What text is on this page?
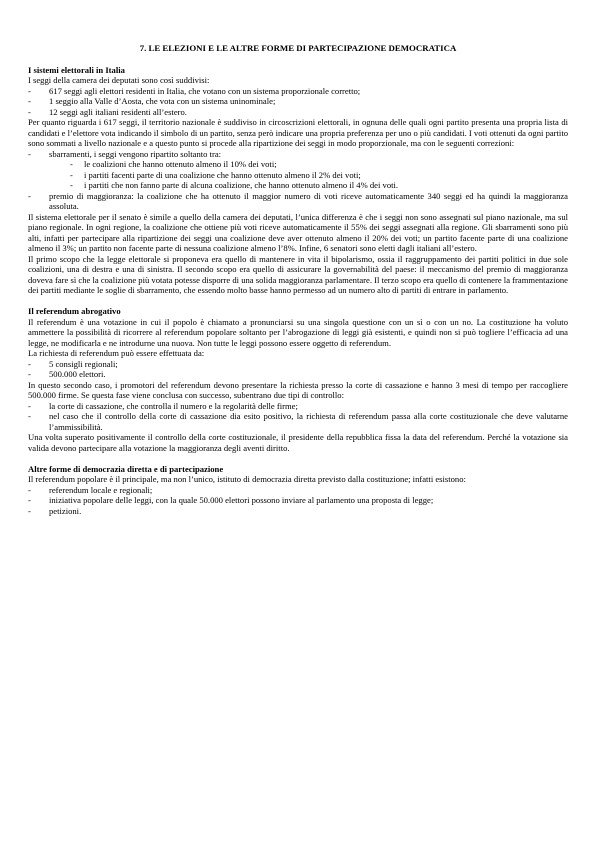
7. LE ELEZIONI E LE ALTRE FORME DI PARTECIPAZIONE DEMOCRATICA
I sistemi elettorali in Italia

I seggi della camera dei deputati sono così suddivisi:

- 617 seggi agli elettori residenti in Italia, che votano con un sistema proporzionale corretto;
- 1 seggio alla Valle d’Aosta, che vota con un sistema uninominale;
- 12 seggi agli italiani residenti all’estero.

Per quanto riguarda i 617 seggi, il territorio nazionale è suddiviso in circoscrizioni elettorali, in ognuna delle quali ogni partito presenta una propria lista di candidati e l’elettore vota indicando il simbolo di un partito, senza però indicare una propria preferenza per uno o più candidati. I voti ottenuti da ogni partito sono sommati a livello nazionale e a questo punto si procede alla ripartizione dei seggi in modo proporzionale, ma con le seguenti correzioni:

- sbarramenti, i seggi vengono ripartito soltanto tra:
- le coalizioni che hanno ottenuto almeno il 10% dei voti;
- i partiti facenti parte di una coalizione che hanno ottenuto almeno il 2% dei voti;
- i partiti che non fanno parte di alcuna coalizione, che hanno ottenuto almeno il 4% dei voti.
- premio di maggioranza: la coalizione che ha ottenuto il maggior numero di voti riceve automaticamente 340 seggi ed ha quindi la maggioranza assoluta.

Il sistema elettorale per il senato è simile a quello della camera dei deputati, l’unica differenza è che i seggi non sono assegnati sul piano nazionale, ma sul piano regionale. In ogni regione, la coalizione che ottiene più voti riceve automaticamente il 55% dei seggi assegnati alla regione. Gli sbarramenti sono più alti, infatti per partecipare alla ripartizione dei seggi una coalizione deve aver ottenuto almeno il 20% dei voti; un partito facente parte di una coalizione almeno il 3%; un partito non facente parte di nessuna coalizione almeno l’8%. Infine, 6 senatori sono eletti dagli italiani all’estero.

Il primo scopo che la legge elettorale si proponeva era quello di mantenere in vita il bipolarismo, ossia il raggruppamento dei partiti politici in due sole coalizioni, una di destra e una di sinistra. Il secondo scopo era quello di assicurare la governabilità del paese: il meccanismo del premio di maggioranza doveva fare sì che la coalizione più votata potesse disporre di una solida maggioranza parlamentare. Il terzo scopo era quello di contenere la frammentazione dei partiti mediante le soglie di sbarramento, che essendo molto basse hanno permesso ad un numero alto di partiti di entrare in parlamento.

Il referendum abrogativo

Il referendum è una votazione in cui il popolo è chiamato a pronunciarsi su una singola questione con un sì o con un no. La costituzione ha voluto ammettere la possibilità di ricorrere al referendum popolare soltanto per l’abrogazione di leggi già esistenti, e quindi non si può togliere l’efficacia ad una legge, ne modificarla e ne introdurne una nuova. Non tutte le leggi possono essere oggetto di referendum.

La richiesta di referendum può essere effettuata da:

- 5 consigli regionali;
- 500.000 elettori.

In questo secondo caso, i promotori del referendum devono presentare la richiesta presso la corte di cassazione e hanno 3 mesi di tempo per raccogliere 500.000 firme. Se questa fase viene conclusa con successo, subentrano due tipi di controllo:

- la corte di cassazione, che controlla il numero e la regolarità delle firme;
- nel caso che il controllo della corte di cassazione dia esito positivo, la richiesta di referendum passa alla corte costituzionale che deve valutarne l’ammissibilità.

Una volta superato positivamente il controllo della corte costituzionale, il presidente della repubblica fissa la data del referendum. Perché la votazione sia valida devono partecipare alla votazione la maggioranza degli aventi diritto.

Altre forme di democrazia diretta e di partecipazione

Il referendum popolare è il principale, ma non l’unico, istituto di democrazia diretta previsto dalla costituzione; infatti esistono:

- referendum locale e regionali;
- iniziativa popolare delle leggi, con la quale 50.000 elettori possono inviare al parlamento una proposta di legge;
- petizioni.
